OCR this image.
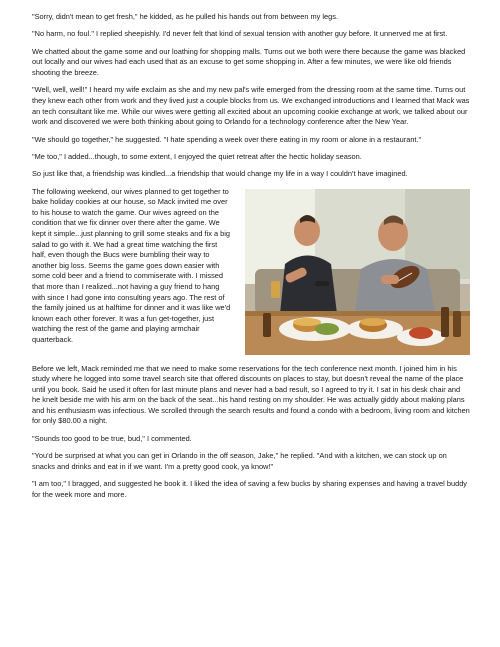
"Sorry, didn't mean to get fresh," he kidded, as he pulled his hands out from between my legs.

"No harm, no foul." I replied sheepishly. I'd never felt that kind of sexual tension with another guy before. It unnerved me at first.

We chatted about the game some and our loathing for shopping malls. Turns out we both were there because the game was blacked out locally and our wives had each used that as an excuse to get some shopping in. After a few minutes, we were like old friends shooting the breeze.

"Well, well, well!" I heard my wife exclaim as she and my new pal's wife emerged from the dressing room at the same time. Turns out they knew each other from work and they lived just a couple blocks from us. We exchanged introductions and I learned that Mack was an tech consultant like me. While our wives were getting all excited about an upcoming cookie exchange at work, we talked about our work and discovered we were both thinking about going to Orlando for a technology conference after the New Year.

"We should go together," he suggested. "I hate spending a week over there eating in my room or alone in a restaurant."

"Me too," I added...though, to some extent, I enjoyed the quiet retreat after the hectic holiday season.

So just like that, a friendship was kindled...a friendship that would change my life in a way I couldn't have imagined.

The following weekend, our wives planned to get together to bake holiday cookies at our house, so Mack invited me over to his house to watch the game. Our wives agreed on the condition that we fix dinner over there after the game. We kept it simple...just planning to grill some steaks and fix a big salad to go with it. We had a great time watching the first half, even though the Bucs were bumbling their way to another big loss. Seems the game goes down easier with some cold beer and a friend to commiserate with. I missed that more than I realized...not having a guy friend to hang with since I had gone into consulting years ago. The rest of the family joined us at halftime for dinner and it was like we'd known each other forever. It was a fun get-together, just watching the rest of the game and playing armchair quarterback.

Before we left, Mack reminded me that we need to make some reservations for the tech conference next month. I joined him in his study where he logged into some travel search site that offered discounts on places to stay, but doesn't reveal the name of the place until you book. Said he used it often for last minute plans and never had a bad result, so I agreed to try it. I sat in his desk chair and he knelt beside me with his arm on the back of the seat...his hand resting on my shoulder. He was actually giddy about making plans and his enthusiasm was infectious. We scrolled through the search results and found a condo with a bedroom, living room and kitchen for only $80.00 a night.

"Sounds too good to be true, bud," I commented.

"You'd be surprised at what you can get in Orlando in the off season, Jake," he replied. "And with a kitchen, we can stock up on snacks and drinks and eat in if we want. I'm a pretty good cook, ya know!"

"I am too," I bragged, and suggested he book it. I liked the idea of saving a few bucks by sharing expenses and having a travel buddy for the week more and more.
